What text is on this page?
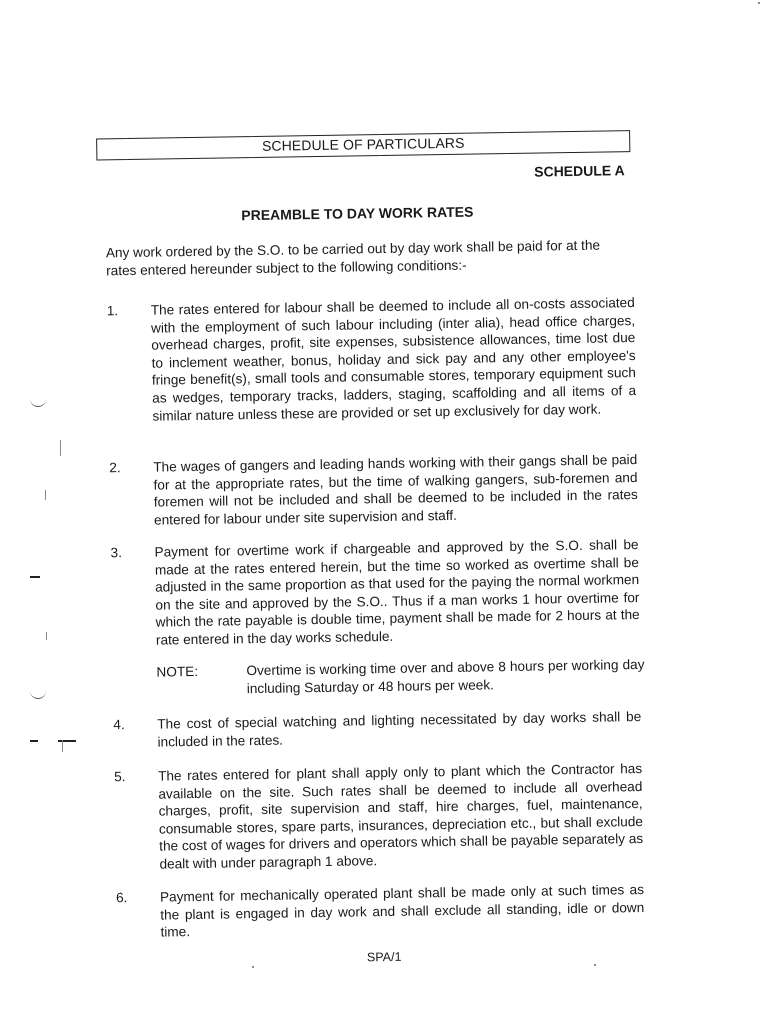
SCHEDULE OF PARTICULARS
SCHEDULE A
PREAMBLE TO DAY WORK RATES
Any work ordered by the S.O. to be carried out by day work shall be paid for at the rates entered hereunder subject to the following conditions:-
1.	The rates entered for labour shall be deemed to include all on-costs associated with the employment of such labour including (inter alia), head office charges, overhead charges, profit, site expenses, subsistence allowances, time lost due to inclement weather, bonus, holiday and sick pay and any other employee's fringe benefit(s), small tools and consumable stores, temporary equipment such as wedges, temporary tracks, ladders, staging, scaffolding and all items of a similar nature unless these are provided or set up exclusively for day work.
2.	The wages of gangers and leading hands working with their gangs shall be paid for at the appropriate rates, but the time of walking gangers, sub-foremen and foremen will not be included and shall be deemed to be included in the rates entered for labour under site supervision and staff.
3.	Payment for overtime work if chargeable and approved by the S.O. shall be made at the rates entered herein, but the time so worked as overtime shall be adjusted in the same proportion as that used for the paying the normal workmen on the site and approved by the S.O.. Thus if a man works 1 hour overtime for which the rate payable is double time, payment shall be made for 2 hours at the rate entered in the day works schedule.
NOTE:	Overtime is working time over and above 8 hours per working day including Saturday or 48 hours per week.
4.	The cost of special watching and lighting necessitated by day works shall be included in the rates.
5.	The rates entered for plant shall apply only to plant which the Contractor has available on the site. Such rates shall be deemed to include all overhead charges, profit, site supervision and staff, hire charges, fuel, maintenance, consumable stores, spare parts, insurances, depreciation etc., but shall exclude the cost of wages for drivers and operators which shall be payable separately as dealt with under paragraph 1 above.
6.	Payment for mechanically operated plant shall be made only at such times as the plant is engaged in day work and shall exclude all standing, idle or down time.
SPA/1
